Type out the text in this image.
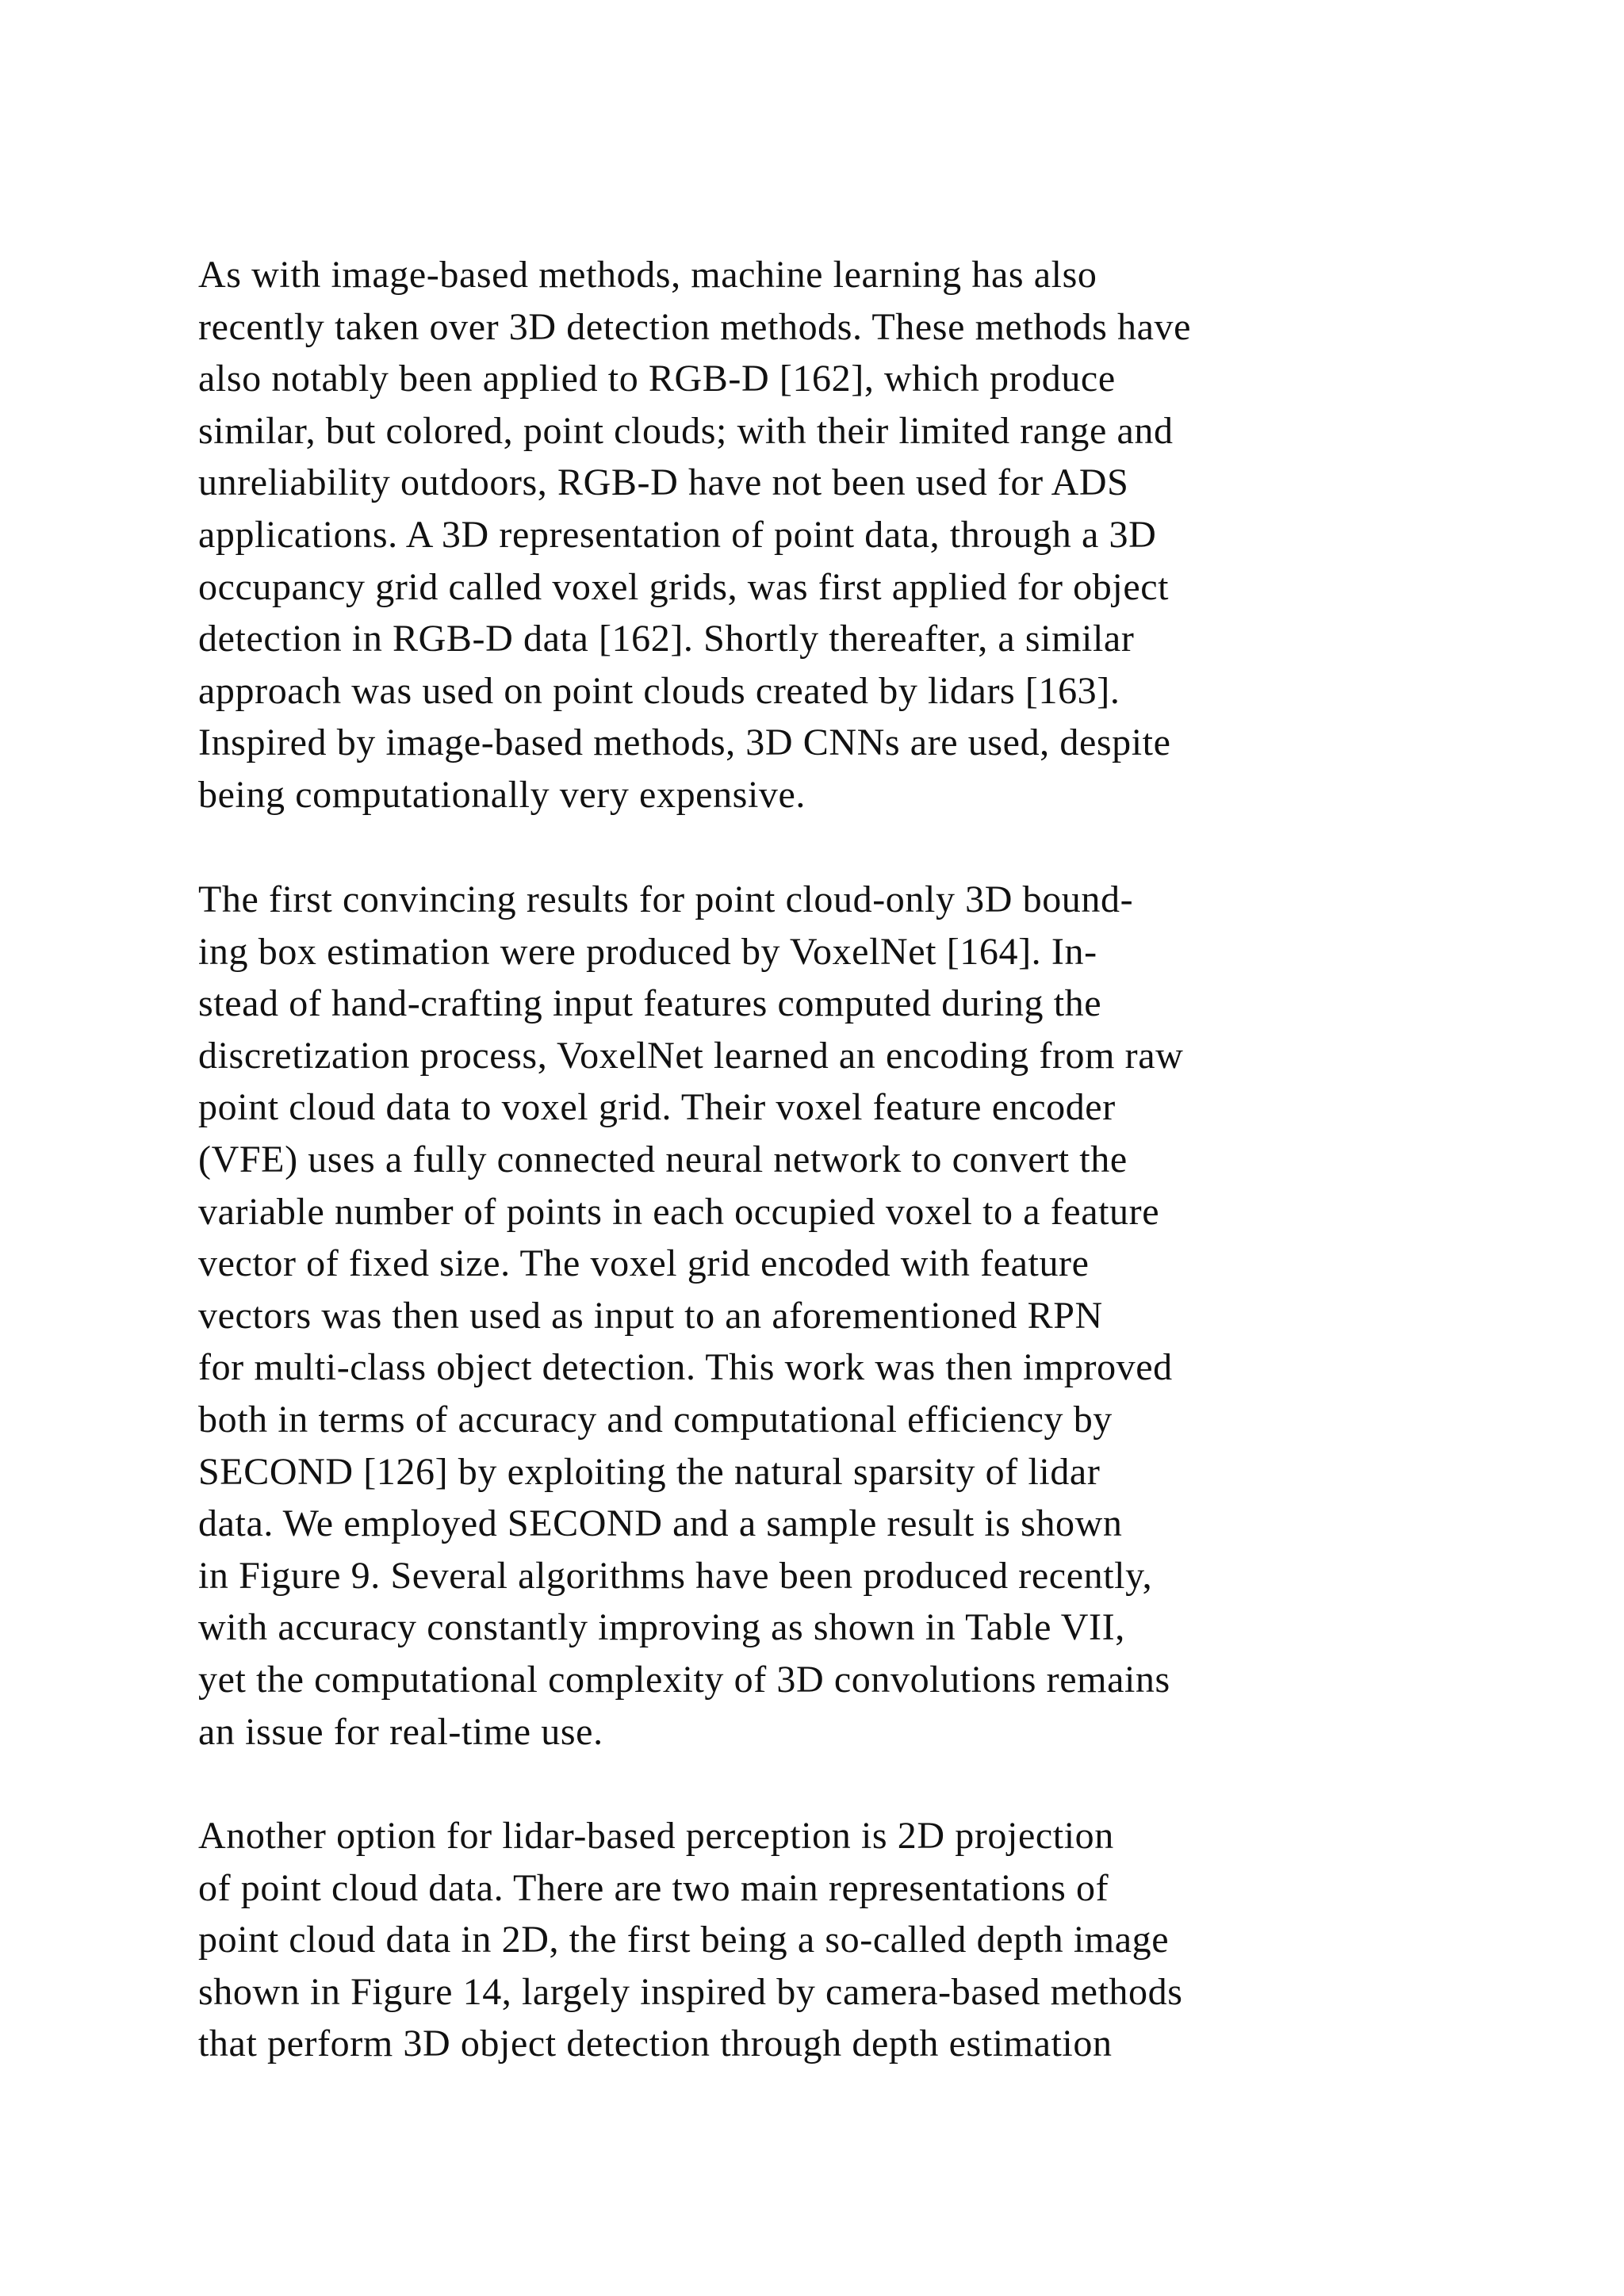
As with image-based methods, machine learning has also
recently taken over 3D detection methods. These methods have
also notably been applied to RGB-D [162], which produce
similar, but colored, point clouds; with their limited range and
unreliability outdoors, RGB-D have not been used for ADS
applications. A 3D representation of point data, through a 3D
occupancy grid called voxel grids, was first applied for object
detection in RGB-D data [162]. Shortly thereafter, a similar
approach was used on point clouds created by lidars [163].
Inspired by image-based methods, 3D CNNs are used, despite
being computationally very expensive.

The first convincing results for point cloud-only 3D bound-
ing box estimation were produced by VoxelNet [164]. In-
stead of hand-crafting input features computed during the
discretization process, VoxelNet learned an encoding from raw
point cloud data to voxel grid. Their voxel feature encoder
(VFE) uses a fully connected neural network to convert the
variable number of points in each occupied voxel to a feature
vector of fixed size. The voxel grid encoded with feature
vectors was then used as input to an aforementioned RPN
for multi-class object detection. This work was then improved
both in terms of accuracy and computational efficiency by
SECOND [126] by exploiting the natural sparsity of lidar
data. We employed SECOND and a sample result is shown
in Figure 9. Several algorithms have been produced recently,
with accuracy constantly improving as shown in Table VII,
yet the computational complexity of 3D convolutions remains
an issue for real-time use.

Another option for lidar-based perception is 2D projection
of point cloud data. There are two main representations of
point cloud data in 2D, the first being a so-called depth image
shown in Figure 14, largely inspired by camera-based methods
that perform 3D object detection through depth estimation
